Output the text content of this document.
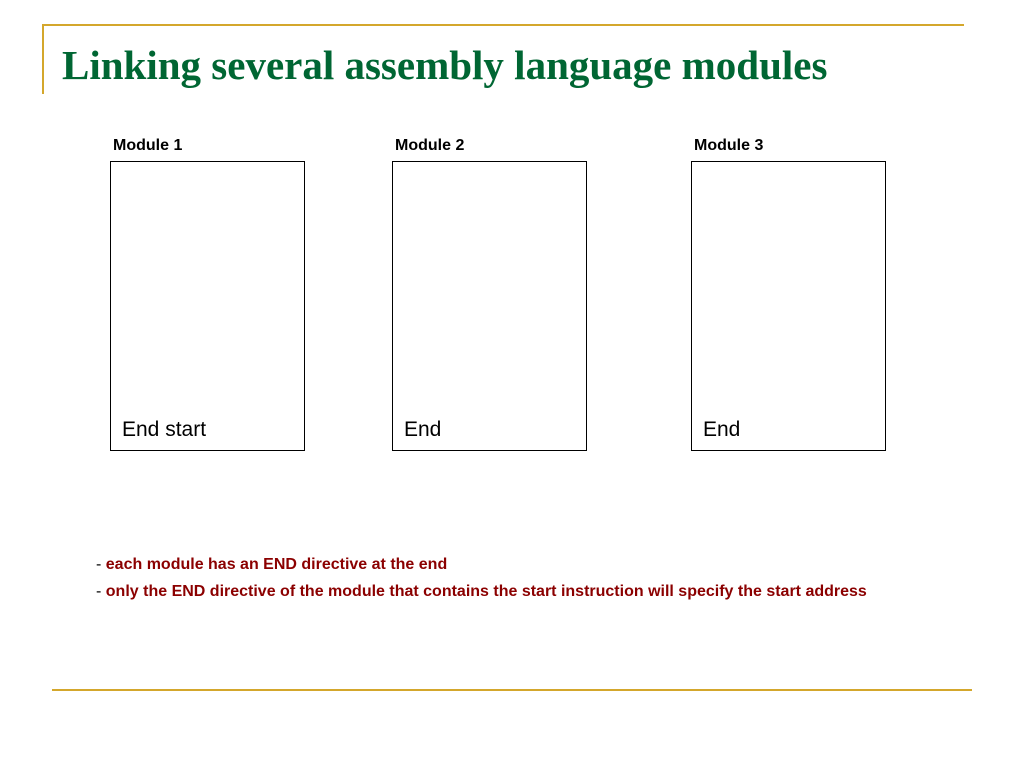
Linking several assembly language modules
Module 1
End start
Module 2
End
Module 3
End

- each module has an END directive at the end

- only the END directive of the module that contains the start instruction will specify the start address
